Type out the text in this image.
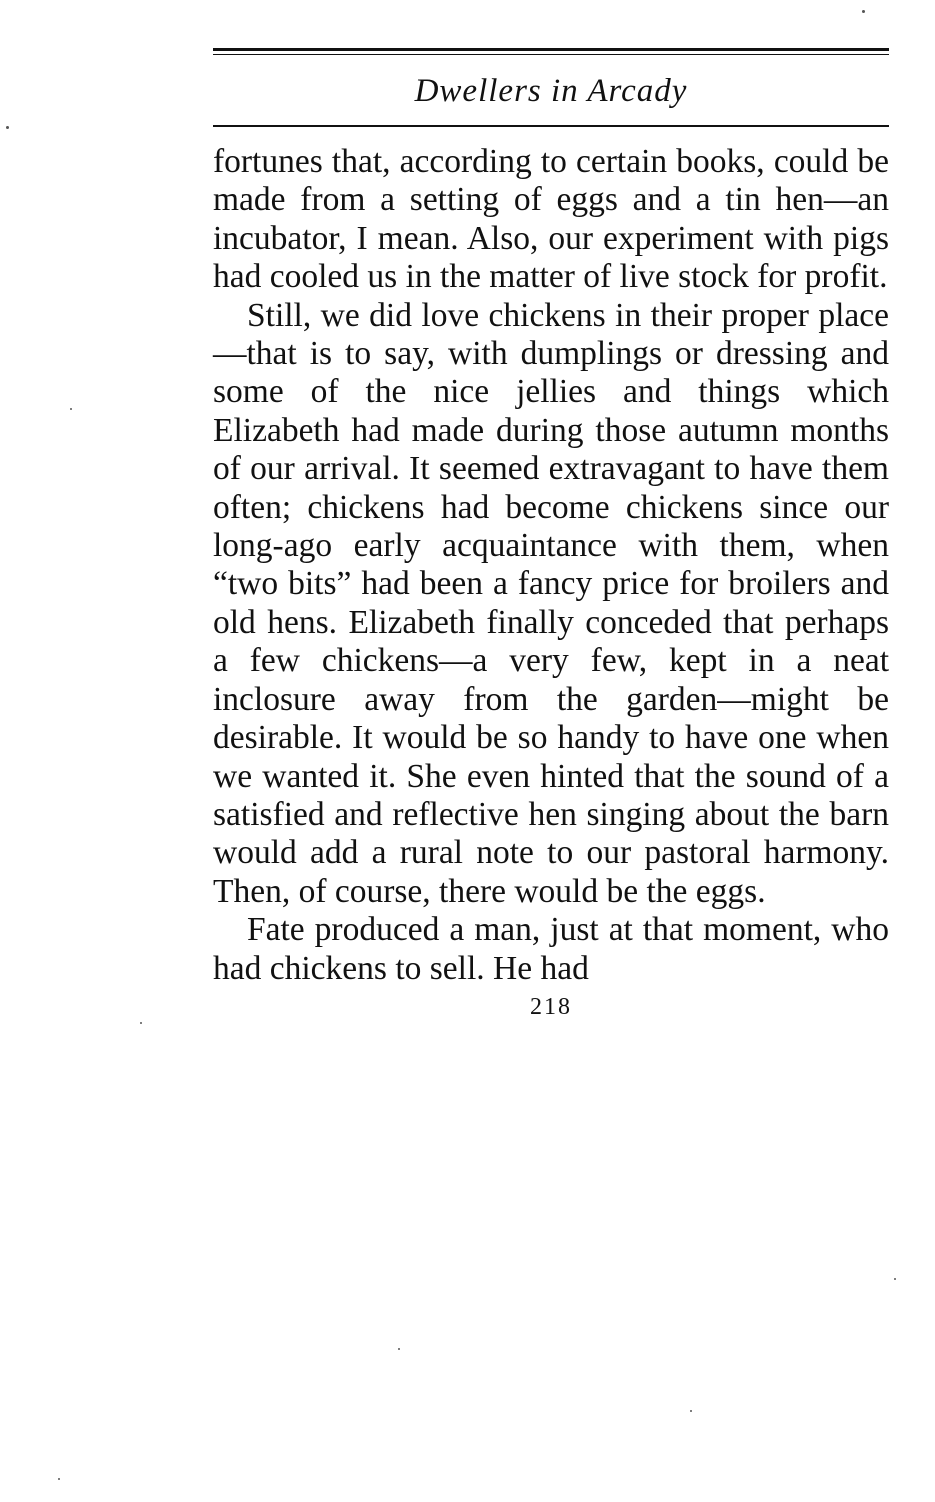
Dwellers in Arcady

fortunes that, according to certain books, could be made from a setting of eggs and a tin hen—an incubator, I mean. Also, our experiment with pigs had cooled us in the matter of live stock for profit.

Still, we did love chickens in their proper place—that is to say, with dumplings or dressing and some of the nice jellies and things which Elizabeth had made during those autumn months of our arrival. It seemed extravagant to have them often; chickens had become chickens since our long-ago early acquaintance with them, when “two bits” had been a fancy price for broilers and old hens. Elizabeth finally conceded that perhaps a few chickens—a very few, kept in a neat inclosure away from the garden—might be desirable. It would be so handy to have one when we wanted it. She even hinted that the sound of a satisfied and reflective hen singing about the barn would add a rural note to our pastoral harmony. Then, of course, there would be the eggs.

Fate produced a man, just at that moment, who had chickens to sell. He had

218
